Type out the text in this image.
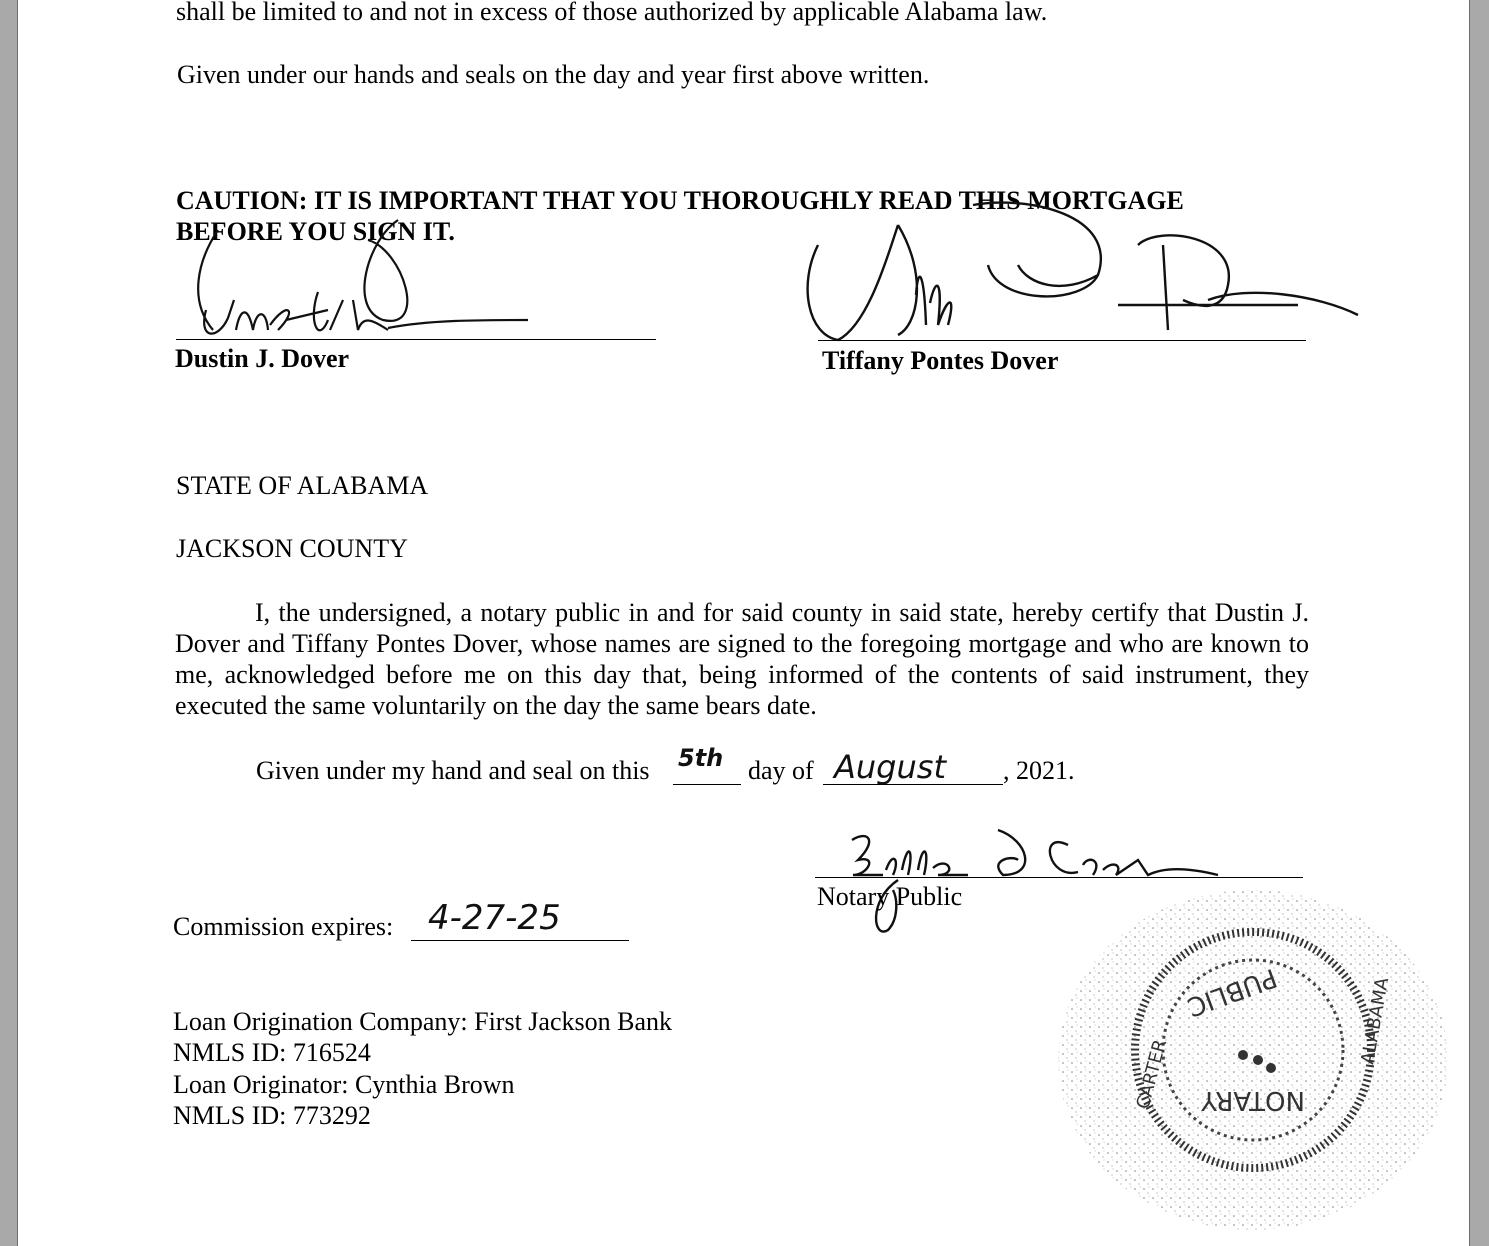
shall be limited to and not in excess of those authorized by applicable Alabama law.
Given under our hands and seals on the day and year first above written.
CAUTION: IT IS IMPORTANT THAT YOU THOROUGHLY READ THIS MORTGAGE
BEFORE YOU SIGN IT.
Dustin J. Dover	Tiffany Pontes Dover
STATE OF ALABAMA
JACKSON COUNTY
I, the undersigned, a notary public in and for said county in said state, hereby certify that Dustin J. Dover and Tiffany Pontes Dover, whose names are signed to the foregoing mortgage and who are known to me, acknowledged before me on this day that, being informed of the contents of said instrument, they executed the same voluntarily on the day the same bears date.
Given under my hand and seal on this 5th day of August , 2021.
Notary Public
Commission expires: 4-27-25
Loan Origination Company: First Jackson Bank
NMLS ID: 716524
Loan Originator: Cynthia Brown
NMLS ID: 773292
NOTARY
PUBLIC	ALABAMA
CARTER
